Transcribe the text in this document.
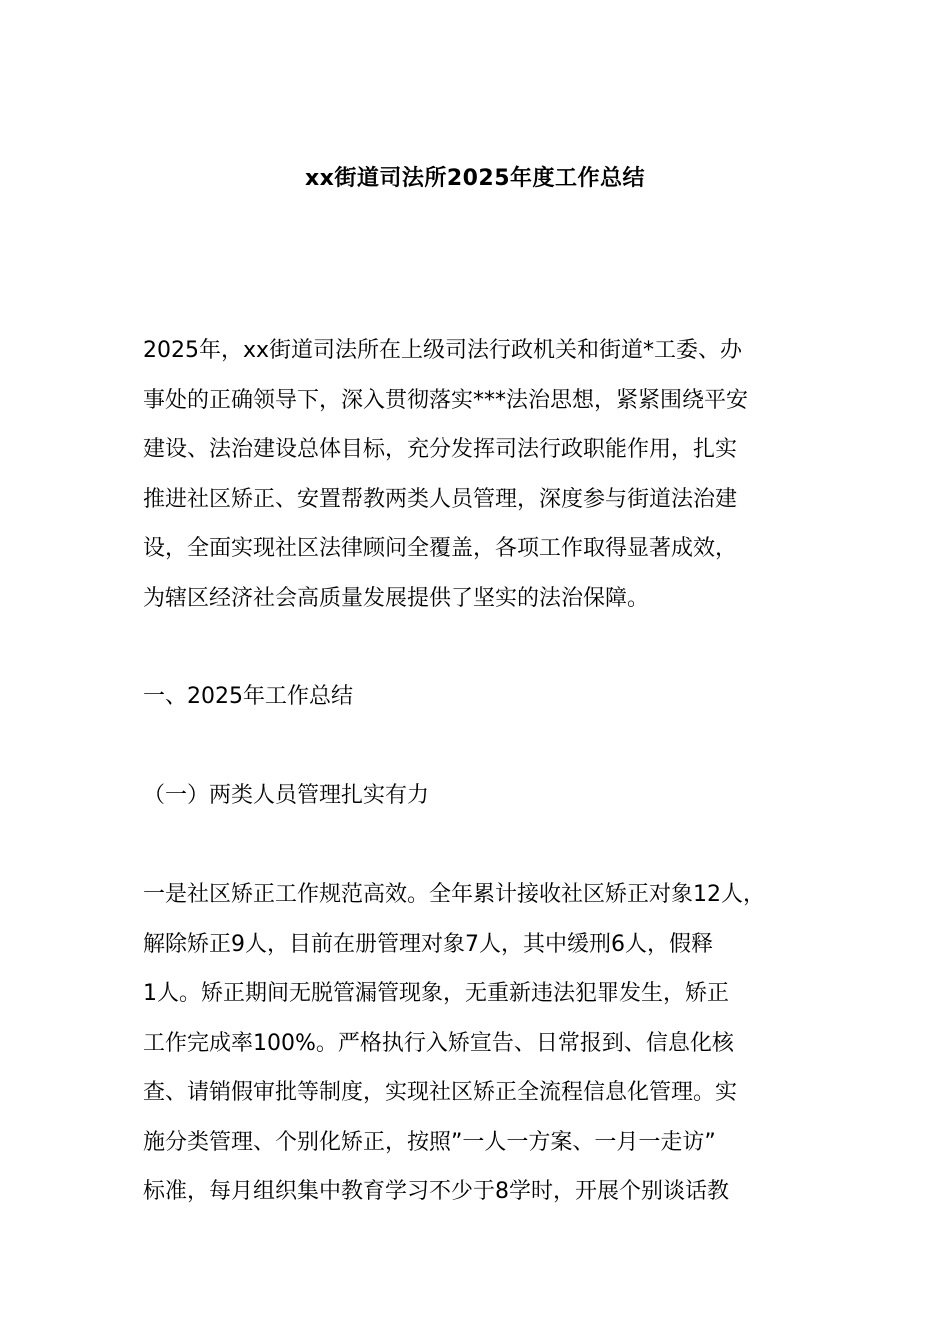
xx街道司法所2025年度工作总结
2025年，xx街道司法所在上级司法行政机关和街道*工委、办
事处的正确领导下，深入贯彻落实***法治思想，紧紧围绕平安
建设、法治建设总体目标，充分发挥司法行政职能作用，扎实
推进社区矫正、安置帮教两类人员管理，深度参与街道法治建
设，全面实现社区法律顾问全覆盖，各项工作取得显著成效，
为辖区经济社会高质量发展提供了坚实的法治保障。
一、2025年工作总结
（一）两类人员管理扎实有力
一是社区矫正工作规范高效。全年累计接收社区矫正对象12人，
解除矫正9人，目前在册管理对象7人，其中缓刑6人，假释
1人。矫正期间无脱管漏管现象，无重新违法犯罪发生，矫正
工作完成率100%。严格执行入矫宣告、日常报到、信息化核
查、请销假审批等制度，实现社区矫正全流程信息化管理。实
施分类管理、个别化矫正，按照”一人一方案、一月一走访”
标准，每月组织集中教育学习不少于8学时，开展个别谈话教
